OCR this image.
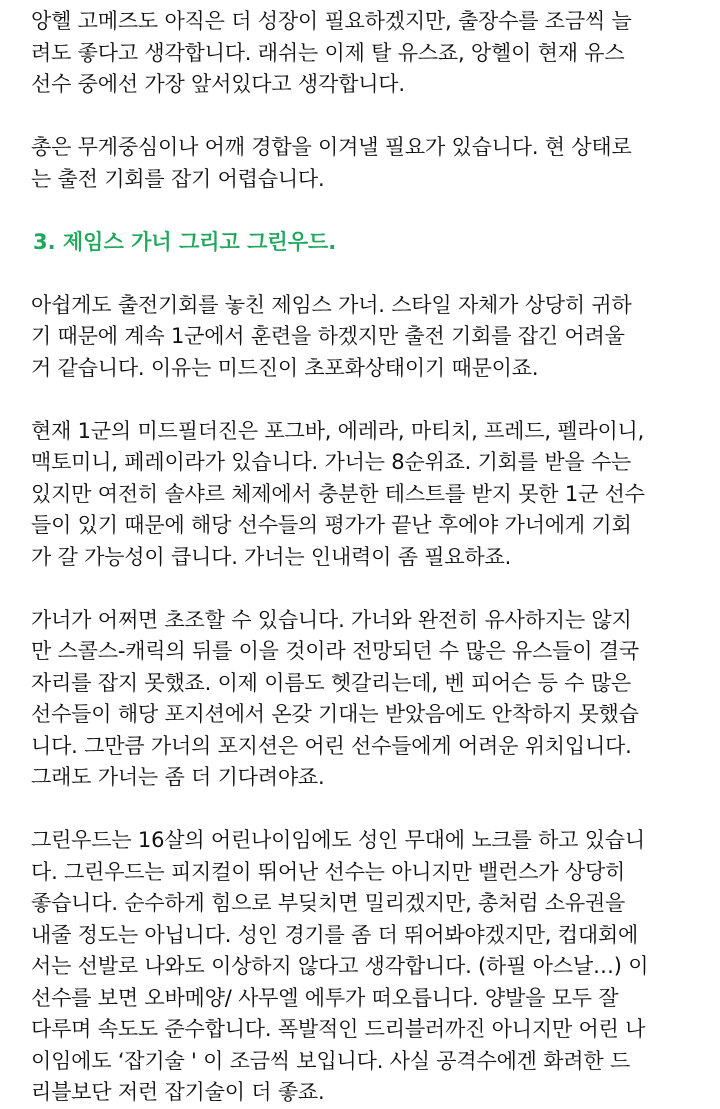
앙헬 고메즈도 아직은 더 성장이 필요하겠지만, 출장수를 조금씩 늘
려도 좋다고 생각합니다. 래쉬는 이제 탈 유스죠, 앙헬이 현재 유스
선수 중에선 가장 앞서있다고 생각합니다.

총은 무게중심이나 어깨 경합을 이겨낼 필요가 있습니다. 현 상태로
는 출전 기회를 잡기 어렵습니다.

3. 제임스 가너 그리고 그린우드.

아쉽게도 출전기회를 놓친 제임스 가너. 스타일 자체가 상당히 귀하
기 때문에 계속 1군에서 훈련을 하겠지만 출전 기회를 잡긴 어려울
거 같습니다. 이유는 미드진이 초포화상태이기 때문이죠.

현재 1군의 미드필더진은 포그바, 에레라, 마티치, 프레드, 펠라이니,
맥토미니, 페레이라가 있습니다. 가너는 8순위죠. 기회를 받을 수는
있지만 여전히 솔샤르 체제에서 충분한 테스트를 받지 못한 1군 선수
들이 있기 때문에 해당 선수들의 평가가 끝난 후에야 가너에게 기회
가 갈 가능성이 큽니다. 가너는 인내력이 좀 필요하죠.

가너가 어쩌면 초조할 수 있습니다. 가너와 완전히 유사하지는 않지
만 스콜스-캐릭의 뒤를 이을 것이라 전망되던 수 많은 유스들이 결국
자리를 잡지 못했죠. 이제 이름도 헷갈리는데, 벤 피어슨 등 수 많은
선수들이 해당 포지션에서 온갖 기대는 받았음에도 안착하지 못했습
니다. 그만큼 가너의 포지션은 어린 선수들에게 어려운 위치입니다.
그래도 가너는 좀 더 기다려야죠.

그린우드는 16살의 어린나이임에도 성인 무대에 노크를 하고 있습니
다. 그린우드는 피지컬이 뛰어난 선수는 아니지만 밸런스가 상당히
좋습니다. 순수하게 힘으로 부딪치면 밀리겠지만, 총처럼 소유권을
내줄 정도는 아닙니다. 성인 경기를 좀 더 뛰어봐야겠지만, 컵대회에
서는 선발로 나와도 이상하지 않다고 생각합니다. (하필 아스날…) 이
선수를 보면 오바메양/ 사무엘 에투가 떠오릅니다. 양발을 모두 잘
다루며 속도도 준수합니다. 폭발적인 드리블러까진 아니지만 어린 나
이임에도 ‘잡기술 ' 이 조금씩 보입니다. 사실 공격수에겐 화려한 드
리블보단 저런 잡기술이 더 좋죠.
